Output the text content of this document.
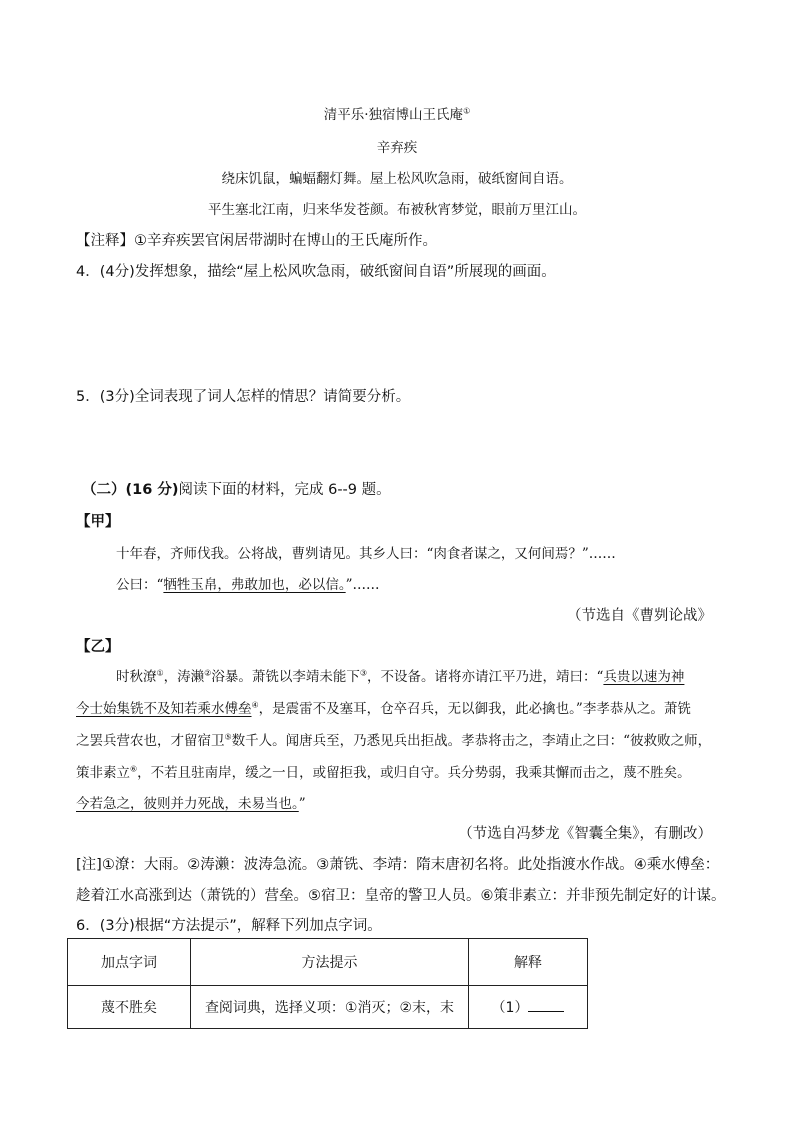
清平乐·独宿博山王氏庵①
辛弃疾
绕床饥鼠，蝙蝠翻灯舞。屋上松风吹急雨，破纸窗间自语。
平生塞北江南，归来华发苍颜。布被秋宵梦觉，眼前万里江山。
【注释】①辛弃疾罢官闲居带湖时在博山的王氏庵所作。
4．(4分)发挥想象，描绘“屋上松风吹急雨，破纸窗间自语”所展现的画面。
5．(3分)全词表现了词人怎样的情思？请简要分析。
（二）(16 分)阅读下面的材料，完成 6--9 题。
【甲】
十年春，齐师伐我。公将战，曹刿请见。其乡人曰：“肉食者谋之，又何间焉？”……
公曰：“牺牲玉帛，弗敢加也，必以信。”……
（节选自《曹刿论战》
【乙】
时秋潦①，涛濑②浴暴。萧铣以李靖未能下③，不设备。诸将亦请江平乃进，靖曰：“兵贵以速为神
今士始集铣不及知若乘水傅垒④，是震雷不及塞耳，仓卒召兵，无以御我，此必擒也。”李孝恭从之。萧铣
之罢兵营农也，才留宿卫⑤数千人。闻唐兵至，乃悉见兵出拒战。孝恭将击之，李靖止之曰：“彼救败之师，
策非素立⑥，不若且驻南岸，缓之一日，或留拒我，或归自守。兵分势弱，我乘其懈而击之，蔑不胜矣。
今若急之，彼则并力死战，未易当也。”
（节选自冯梦龙《智囊全集》，有删改）
[注]①潦：大雨。②涛濑：波涛急流。③萧铣、李靖：隋末唐初名将。此处指渡水作战。④乘水傅垒：
趁着江水高涨到达（萧铣的）营垒。⑤宿卫：皇帝的警卫人员。⑥策非素立：并非预先制定好的计谋。
6．(3分)根据“方法提示”，解释下列加点字词。
加点字词	方法提示	解释
蔑不胜矣	查阅词典，选择义项：①消灭；②末，末	（1）
